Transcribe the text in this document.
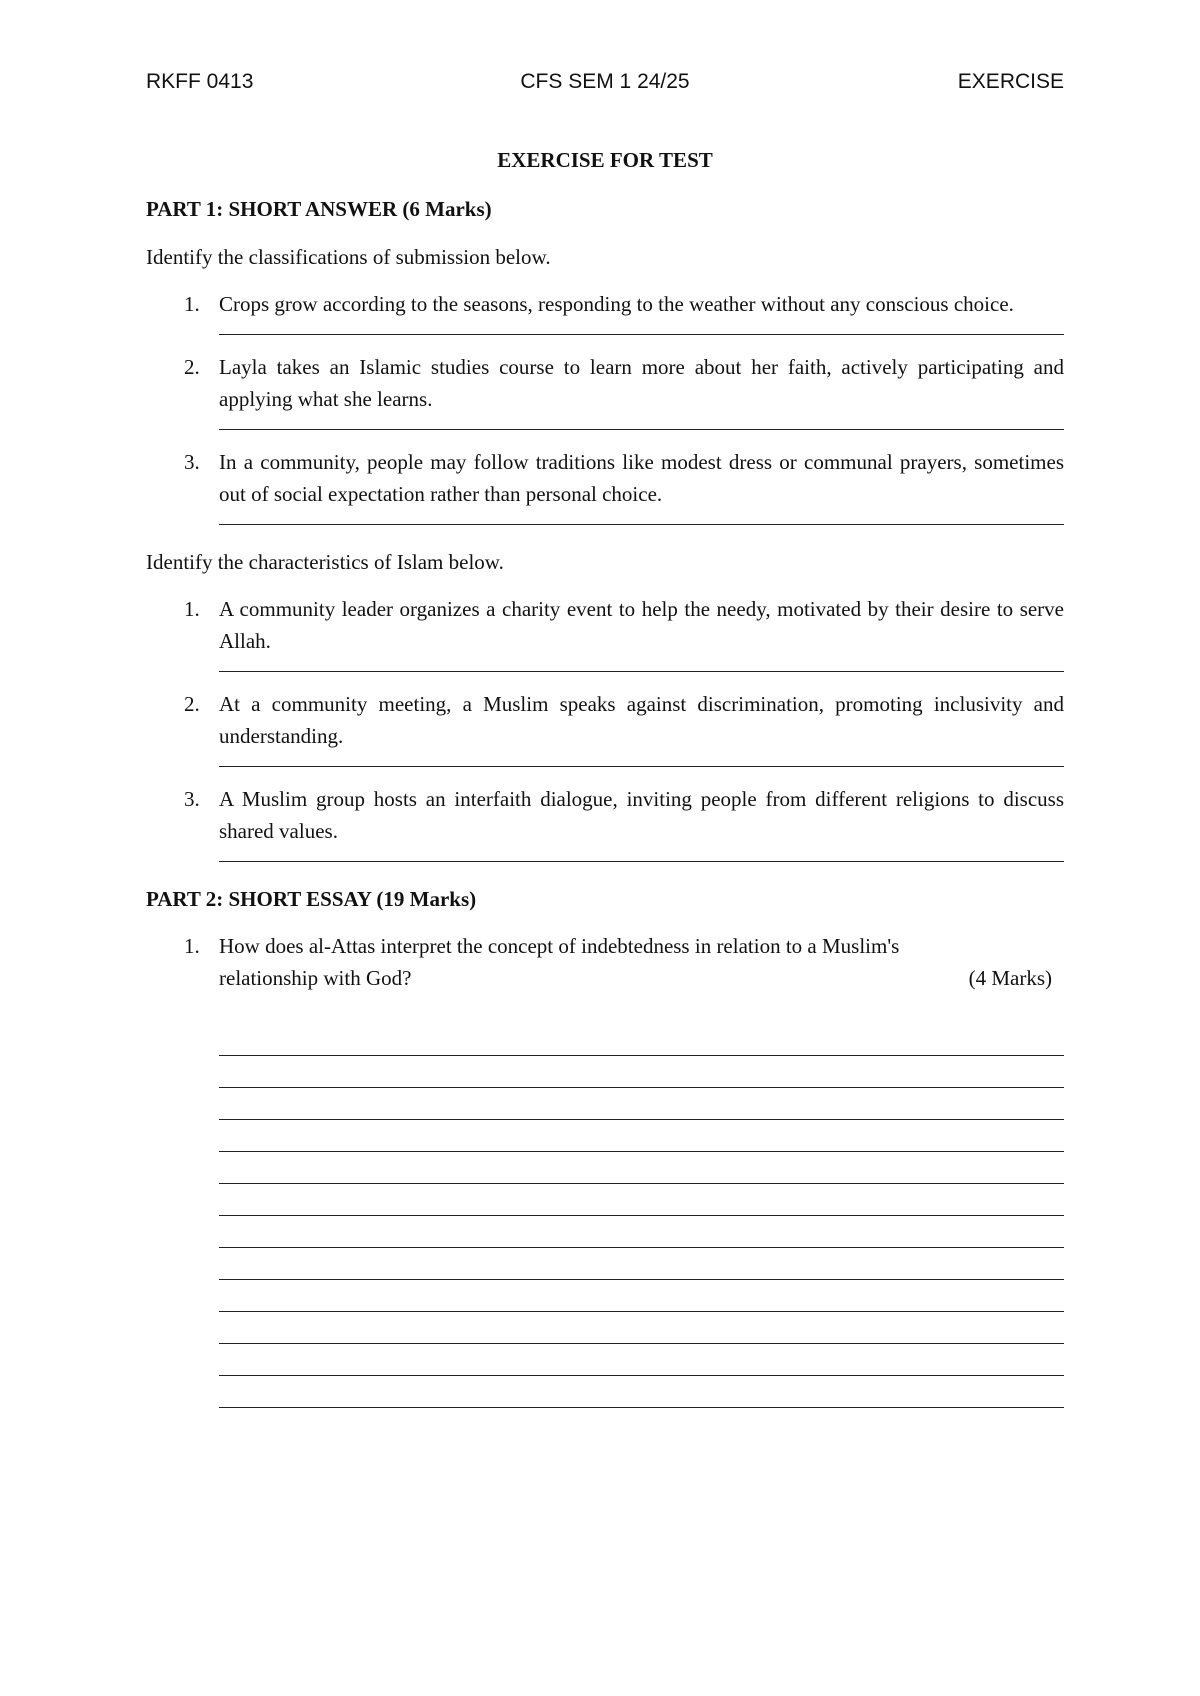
RKFF 0413	CFS SEM 1 24/25	EXERCISE
EXERCISE FOR TEST
PART 1: SHORT ANSWER (6 Marks)
Identify the classifications of submission below.
1. Crops grow according to the seasons, responding to the weather without any conscious choice.
2. Layla takes an Islamic studies course to learn more about her faith, actively participating and applying what she learns.
3. In a community, people may follow traditions like modest dress or communal prayers, sometimes out of social expectation rather than personal choice.
Identify the characteristics of Islam below.
1. A community leader organizes a charity event to help the needy, motivated by their desire to serve Allah.
2. At a community meeting, a Muslim speaks against discrimination, promoting inclusivity and understanding.
3. A Muslim group hosts an interfaith dialogue, inviting people from different religions to discuss shared values.
PART 2: SHORT ESSAY (19 Marks)
1. How does al-Attas interpret the concept of indebtedness in relation to a Muslim's
relationship with God?	(4 Marks)
